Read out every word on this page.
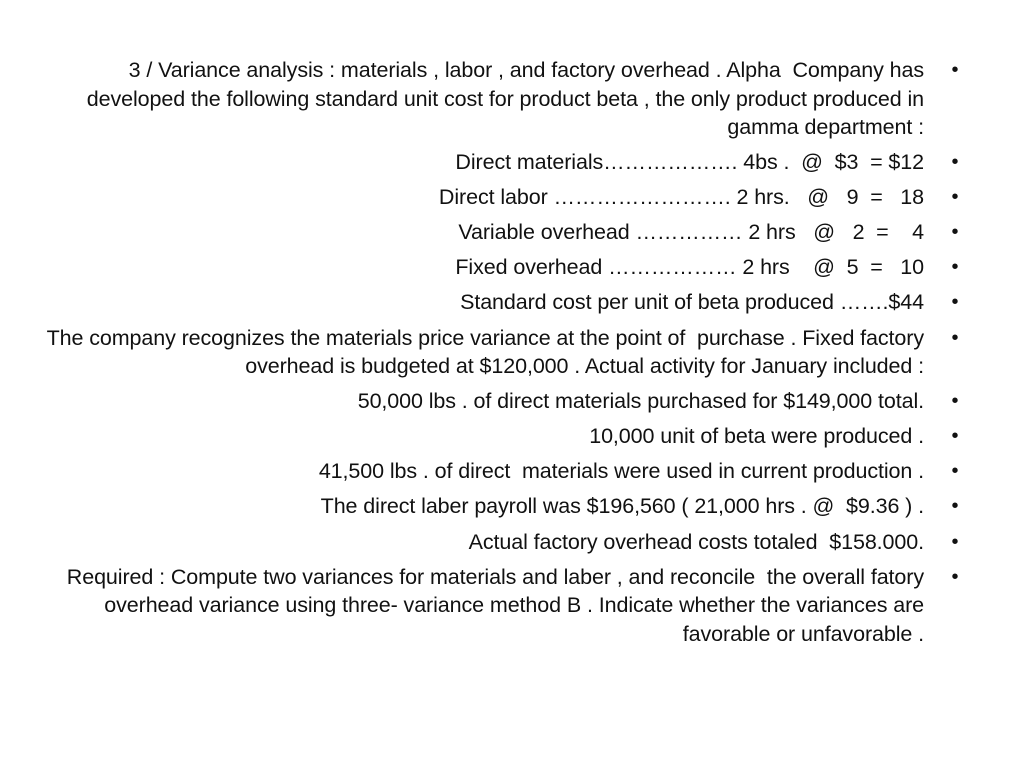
3 / Variance analysis : materials , labor , and factory overhead . Alpha  Company has developed the following standard unit cost for product beta , the only product produced in gamma department :
•
Direct materials………………. 4bs .  @  $3  = $12 •
Direct labor ……………………. 2 hrs.   @   9  =   18 •
Variable overhead …………… 2 hrs   @   2  =    4 •
Fixed overhead ……………… 2 hrs    @  5  =   10 •
Standard cost per unit of beta produced …….$44 •
The company recognizes the materials price variance at the point of  purchase . Fixed factory overhead is budgeted at $120,000 . Actual activity for January included :
•
50,000 lbs . of direct materials purchased for $149,000 total. •
10,000 unit of beta were produced . •
41,500 lbs . of direct  materials were used in current production . •
The direct laber payroll was $196,560 ( 21,000 hrs . @  $9.36 ) . •
Actual factory overhead costs totaled  $158.000. •
Required : Compute two variances for materials and laber , and reconcile  the overall fatory overhead variance using three- variance method B . Indicate whether the variances are favorable or unfavorable .
•
